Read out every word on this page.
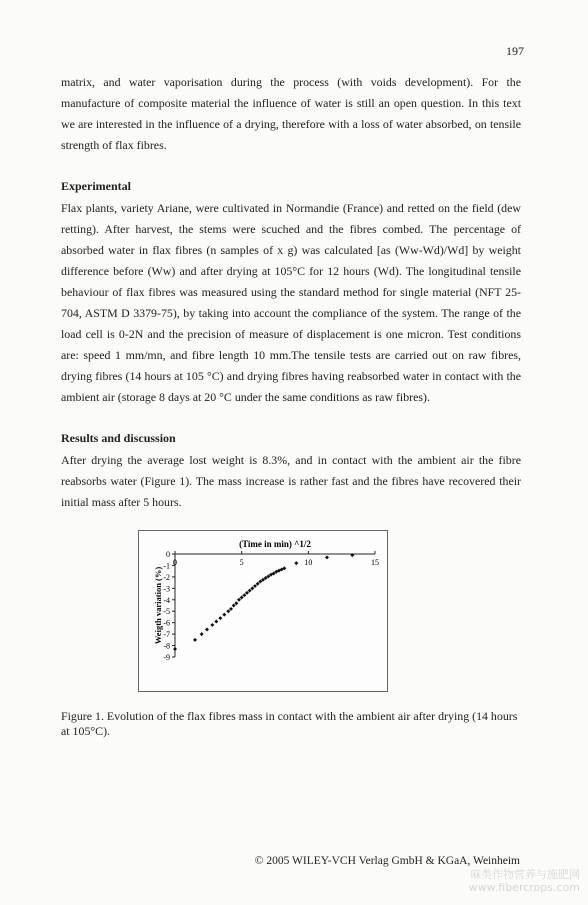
197

matrix, and water vaporisation during the process (with voids development). For the manufacture of composite material the influence of water is still an open question. In this text we are interested in the influence of a drying, therefore with a loss of water absorbed, on tensile strength of flax fibres.

Experimental

Flax plants, variety Ariane, were cultivated in Normandie (France) and retted on the field (dew retting). After harvest, the stems were scuched and the fibres combed. The percentage of absorbed water in flax fibres (n samples of x g) was calculated [as (Ww-Wd)/Wd] by weight difference before (Ww) and after drying at 105°C for 12 hours (Wd). The longitudinal tensile behaviour of flax fibres was measured using the standard method for single material (NFT 25-704, ASTM D 3379-75), by taking into account the compliance of the system. The range of the load cell is 0-2N and the precision of measure of displacement is one micron. Test conditions are: speed 1 mm/mn, and fibre length 10 mm.The tensile tests are carried out on raw fibres, drying fibres (14 hours at 105 °C) and drying fibres having reabsorbed water in contact with the ambient air (storage 8 days at 20 °C under the same conditions as raw fibres).

Results and discussion

After drying the average lost weight is 8.3%, and in contact with the ambient air the fibre reabsorbs water (Figure 1). The mass increase is rather fast and the fibres have recovered their initial mass after 5 hours.

(Time in min) ^1/2
Weigth variation (%)
0	5	10	15
0
-1
-2
-3
-4
-5
-6
-7
-8
-9

Figure 1. Evolution of the flax fibres mass in contact with the ambient air after drying (14 hours at 105°C).

© 2005 WILEY-VCH Verlag GmbH & KGaA, Weinheim
麻类作物营养与施肥网
www.fibercrops.com
